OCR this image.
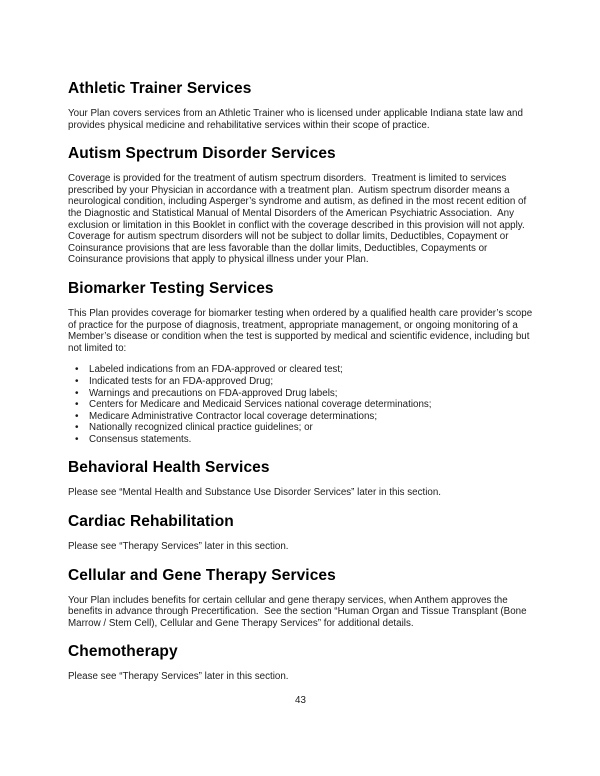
Athletic Trainer Services

Your Plan covers services from an Athletic Trainer who is licensed under applicable Indiana state law and provides physical medicine and rehabilitative services within their scope of practice.

Autism Spectrum Disorder Services

Coverage is provided for the treatment of autism spectrum disorders.  Treatment is limited to services prescribed by your Physician in accordance with a treatment plan.  Autism spectrum disorder means a neurological condition, including Asperger’s syndrome and autism, as defined in the most recent edition of the Diagnostic and Statistical Manual of Mental Disorders of the American Psychiatric Association.  Any exclusion or limitation in this Booklet in conflict with the coverage described in this provision will not apply. Coverage for autism spectrum disorders will not be subject to dollar limits, Deductibles, Copayment or Coinsurance provisions that are less favorable than the dollar limits, Deductibles, Copayments or Coinsurance provisions that apply to physical illness under your Plan.

Biomarker Testing Services

This Plan provides coverage for biomarker testing when ordered by a qualified health care provider’s scope of practice for the purpose of diagnosis, treatment, appropriate management, or ongoing monitoring of a Member’s disease or condition when the test is supported by medical and scientific evidence, including but not limited to:

• Labeled indications from an FDA-approved or cleared test;
• Indicated tests for an FDA-approved Drug;
• Warnings and precautions on FDA-approved Drug labels;
• Centers for Medicare and Medicaid Services national coverage determinations;
• Medicare Administrative Contractor local coverage determinations;
• Nationally recognized clinical practice guidelines; or
• Consensus statements.
Behavioral Health Services

Please see “Mental Health and Substance Use Disorder Services” later in this section.

Cardiac Rehabilitation

Please see “Therapy Services” later in this section.

Cellular and Gene Therapy Services

Your Plan includes benefits for certain cellular and gene therapy services, when Anthem approves the benefits in advance through Precertification.  See the section “Human Organ and Tissue Transplant (Bone Marrow / Stem Cell), Cellular and Gene Therapy Services” for additional details.

Chemotherapy

Please see “Therapy Services” later in this section.

43
